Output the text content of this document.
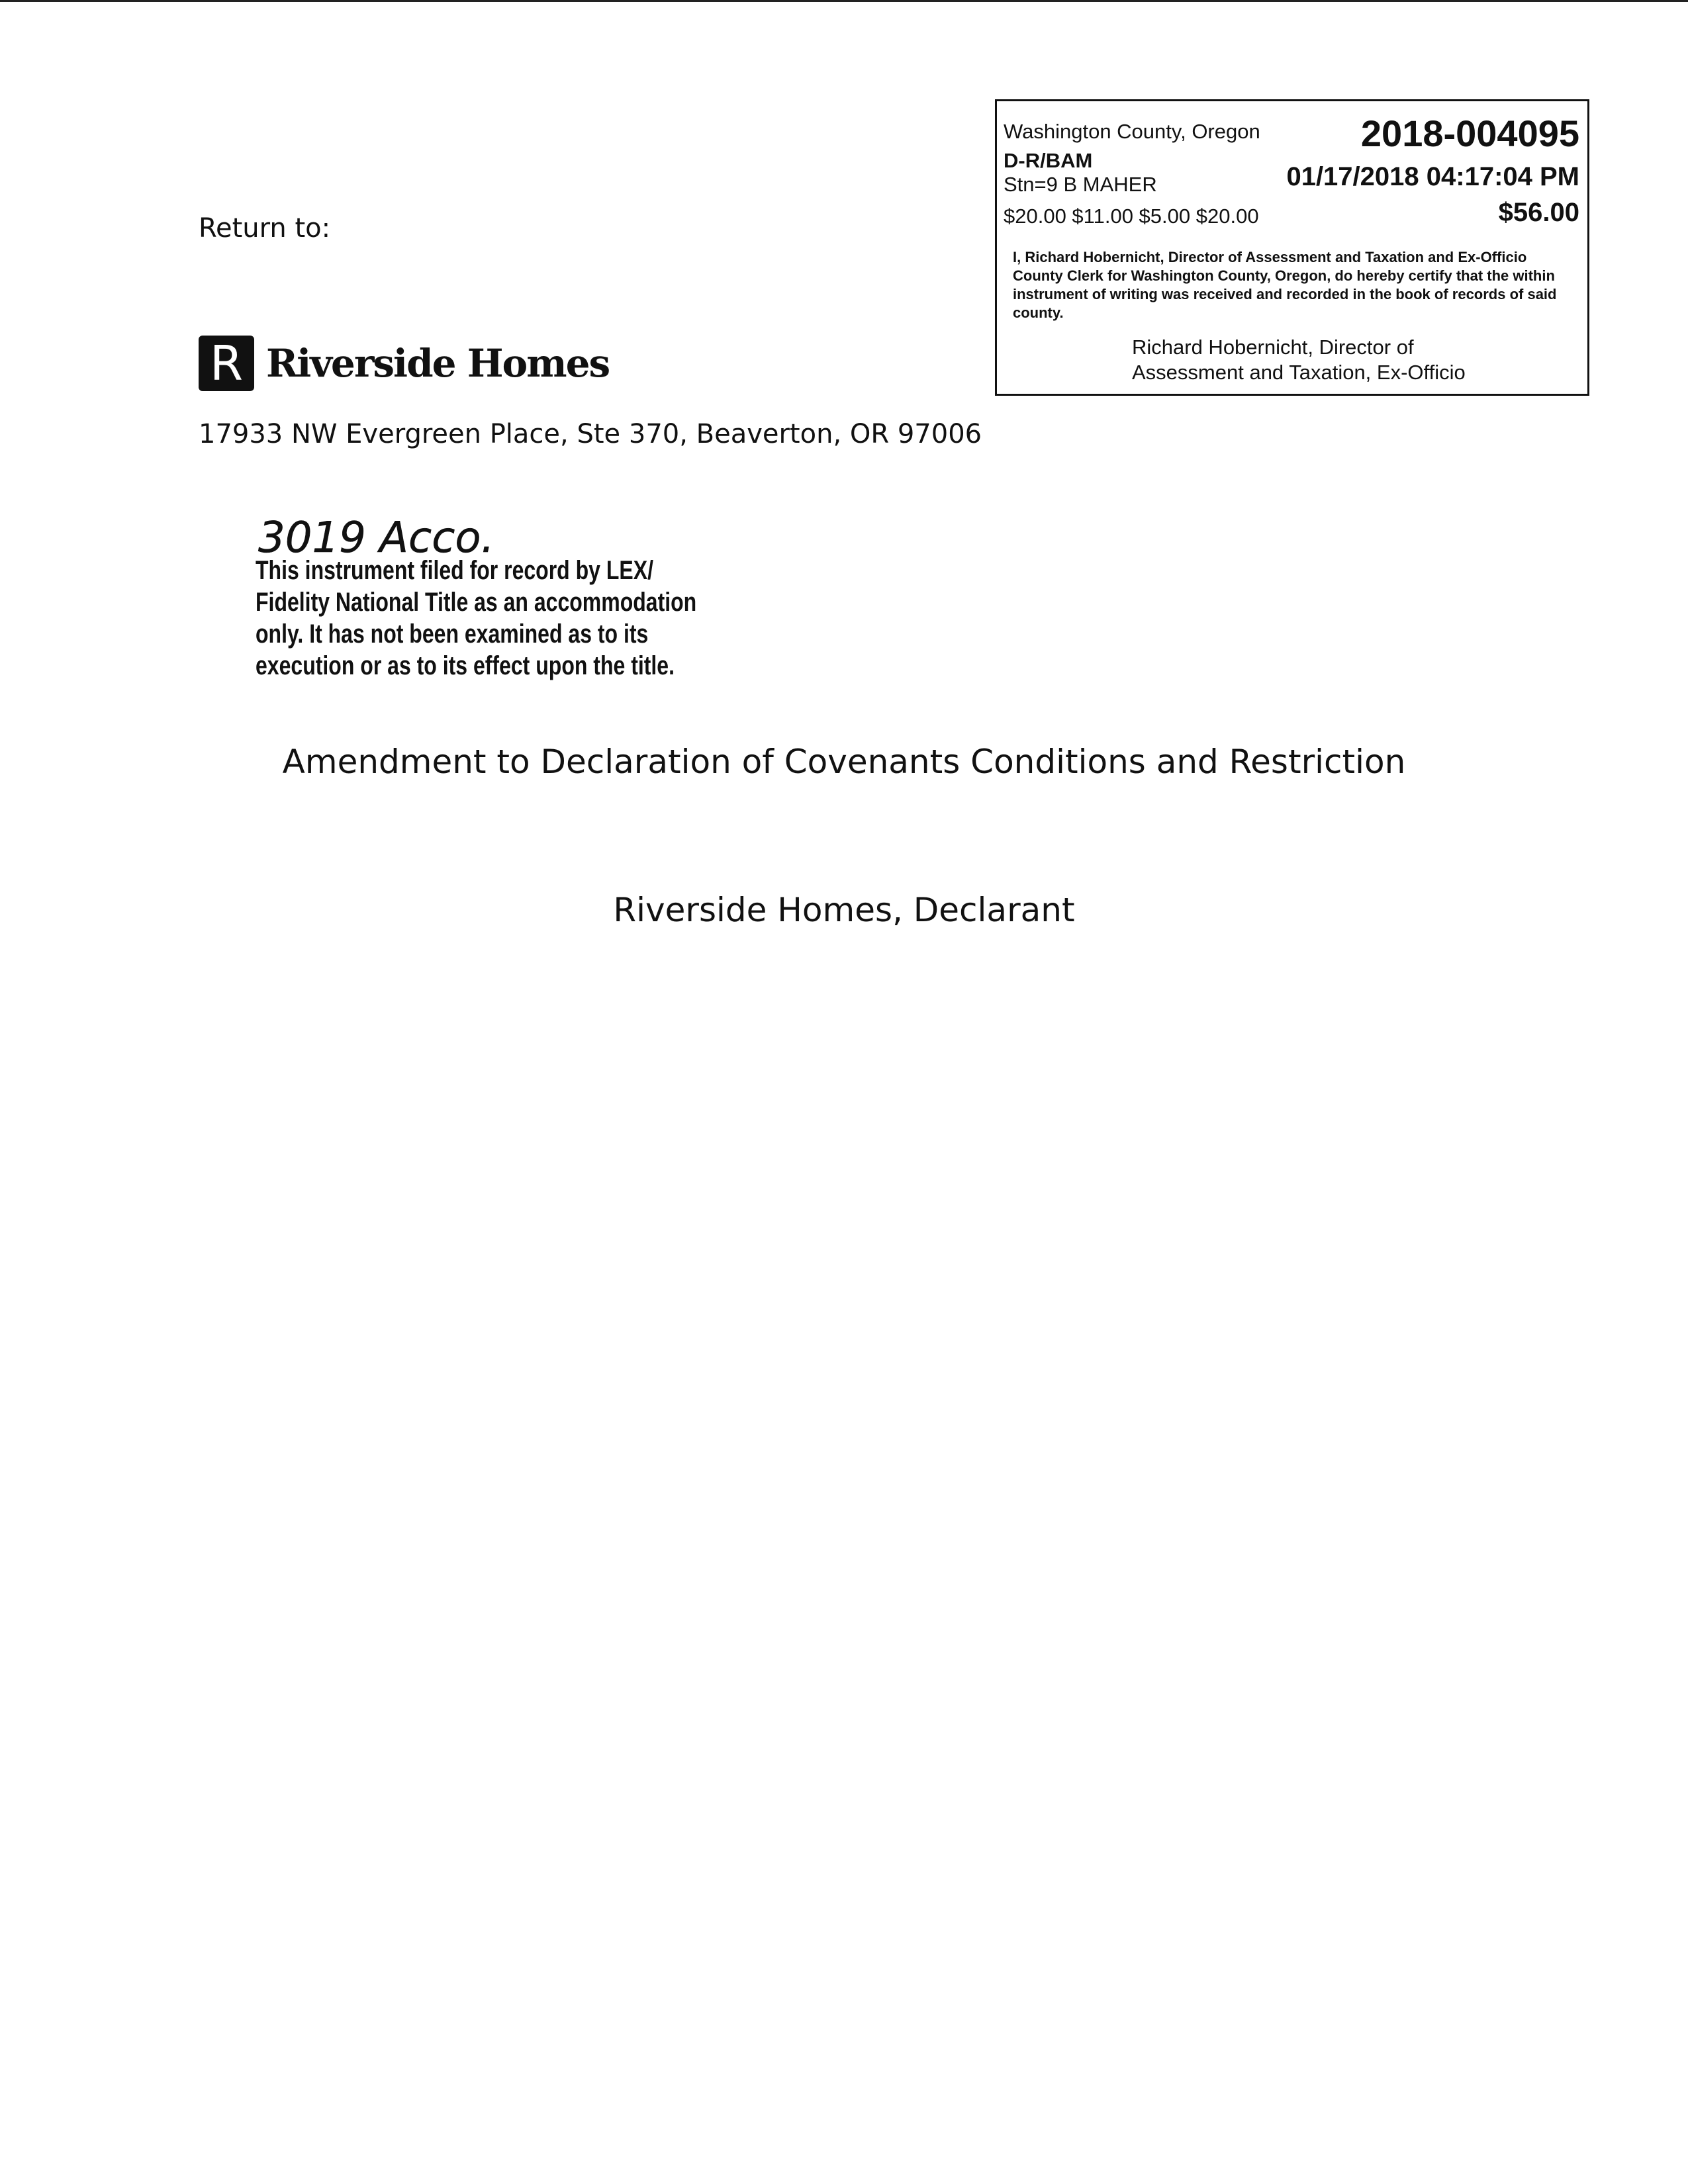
Return to:
R Riverside Homes
17933 NW Evergreen Place, Ste 370, Beaverton, OR 97006
Washington County, Oregon	2018-004095
D-R/BAM
Stn=9 B MAHER	01/17/2018 04:17:04 PM
$20.00 $11.00 $5.00 $20.00	$56.00
I, Richard Hobernicht, Director of Assessment and Taxation and Ex-Officio County Clerk for Washington County, Oregon, do hereby certify that the within instrument of writing was received and recorded in the book of records of said county.
Richard Hobernicht, Director of
Assessment and Taxation, Ex-Officio
3019 Acco.
This instrument filed for record by LEX/
Fidelity National Title as an accommodation
only. It has not been examined as to its
execution or as to its effect upon the title.
Amendment to Declaration of Covenants Conditions and Restriction
Riverside Homes, Declarant
